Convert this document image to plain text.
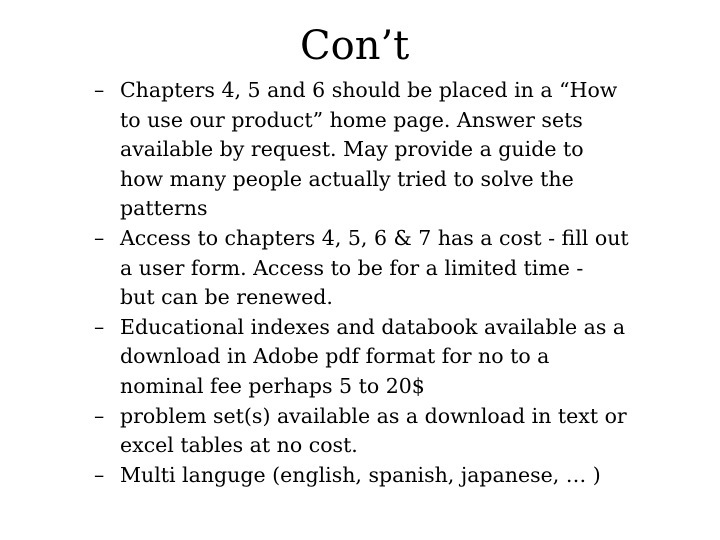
Con’t
– Chapters 4, 5 and 6 should be placed in a “How
to use our product” home page. Answer sets
available by request. May provide a guide to
how many people actually tried to solve the
patterns
– Access to chapters 4, 5, 6 & 7 has a cost - fill out
a user form. Access to be for a limited time -
but can be renewed.
– Educational indexes and databook available as a
download in Adobe pdf format for no to a
nominal fee perhaps 5 to 20$
– problem set(s) available as a download in text or
excel tables at no cost.
– Multi languge (english, spanish, japanese, … )
